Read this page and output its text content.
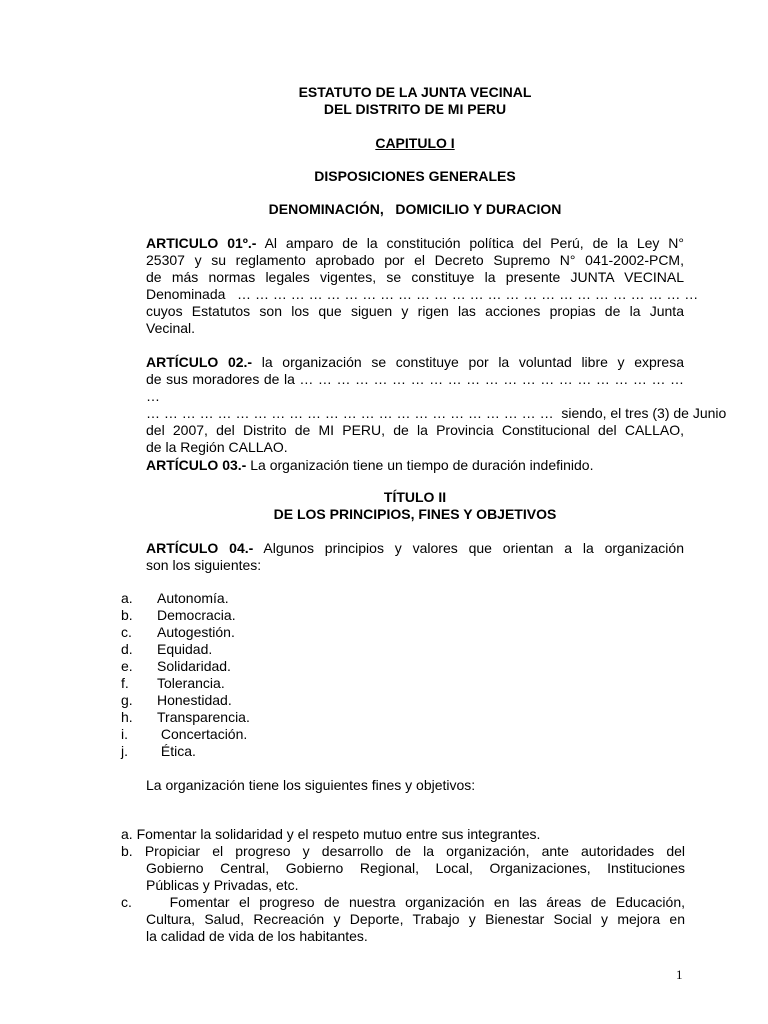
ESTATUTO DE LA JUNTA VECINAL
DEL DISTRITO DE MI PERU
CAPITULO I
DISPOSICIONES GENERALES
DENOMINACIÓN,   DOMICILIO Y DURACION
ARTICULO 01º.- Al amparo de la constitución política del Perú, de la Ley N°
25307 y su reglamento aprobado por el Decreto Supremo N° 041-2002-PCM,
de más normas legales vigentes, se constituye la presente JUNTA VECINAL
Denominada   … … … … … … … … … … … … … … … … … … … … … … … … … …
cuyos Estatutos son los que siguen y rigen las acciones propias de la Junta
Vecinal.
ARTÍCULO 02.- la organización se constituye por la voluntad libre y expresa
de sus moradores de la … … … … … … … … … … … … … … … … … … … … … …
… … … … … … … … … … … … … … … … … … … … … … …  siendo, el tres (3) de Junio
del 2007, del Distrito de MI PERU, de la Provincia Constitucional del CALLAO,
de la Región CALLAO.
ARTÍCULO 03.- La organización tiene un tiempo de duración indefinido.
TÍTULO II
DE LOS PRINCIPIOS, FINES Y OBJETIVOS
ARTÍCULO 04.- Algunos principios y valores que orientan a la organización
son los siguientes:
a. Autonomía.
b. Democracia.
c. Autogestión.
d. Equidad.
e. Solidaridad.
f. Tolerancia.
g. Honestidad.
h. Transparencia.
i. Concertación.
j. Ética.
La organización tiene los siguientes fines y objetivos:
a. Fomentar la solidaridad y el respeto mutuo entre sus integrantes.
b. Propiciar el progreso y desarrollo de la organización, ante autoridades del
Gobierno Central, Gobierno Regional, Local, Organizaciones, Instituciones
Públicas y Privadas, etc.
c.    Fomentar el progreso de nuestra organización en las áreas de Educación,
Cultura, Salud, Recreación y Deporte, Trabajo y Bienestar Social y mejora en
la calidad de vida de los habitantes.
1
